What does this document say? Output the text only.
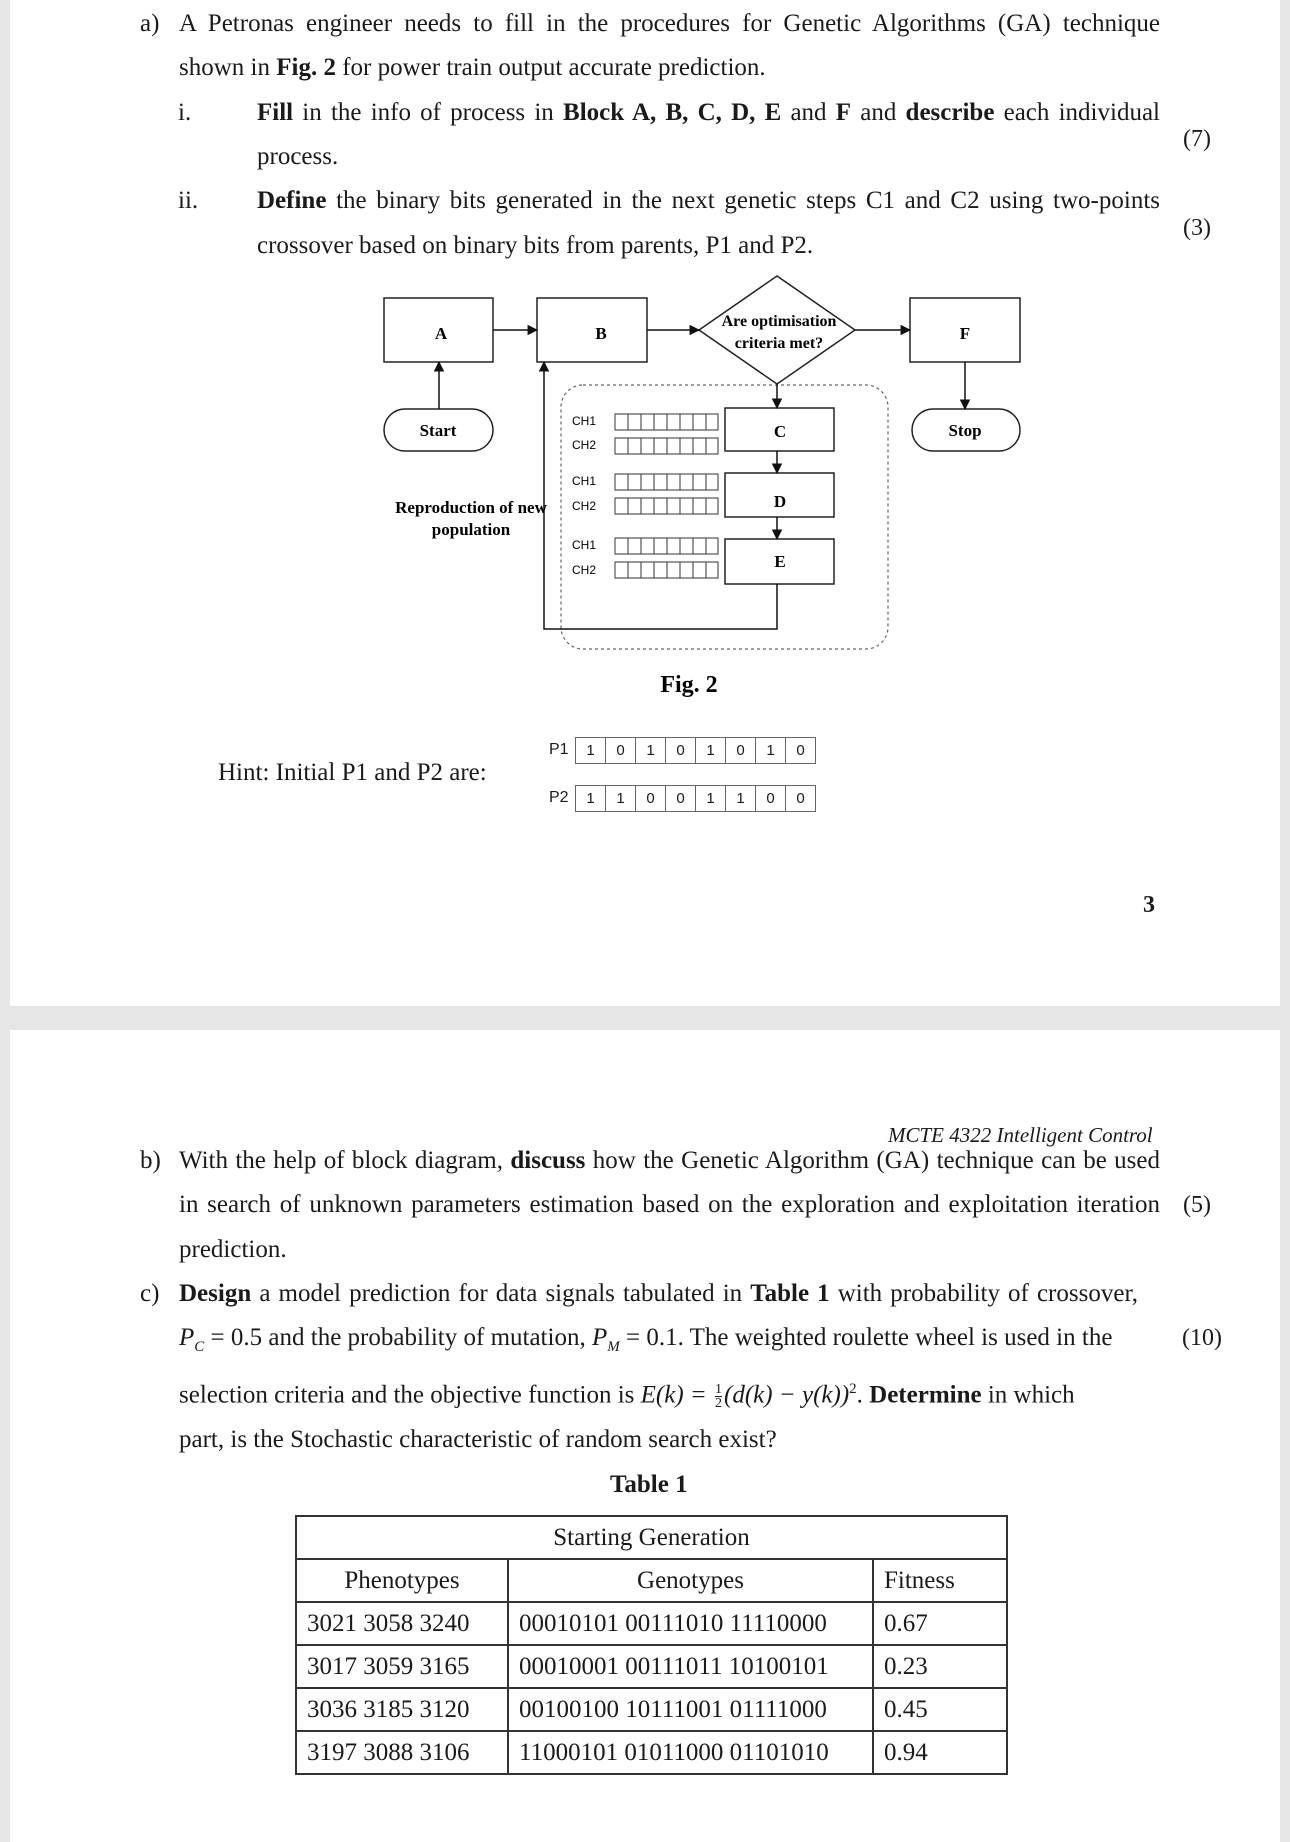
a) A Petronas engineer needs to fill in the procedures for Genetic Algorithms (GA) technique
shown in Fig. 2 for power train output accurate prediction.
i.	Fill in the info of process in Block A, B, C, D, E and F and describe each individual
process.
(7)
ii. Define the binary bits generated in the next genetic steps C1 and C2 using two-points
crossover based on binary bits from parents, P1 and P2.
(3)
A	B
Are optimisation
criteria met?
F
Start	Stop
C
D
E
CH1
CH2
CH1
CH2
CH1
CH2
Reproduction of new
population
Fig. 2
Hint: Initial P1 and P2 are:
P1	1	0	1	0	1	0	1	0
P2	1	1	0	0	1	1	0	0
3
MCTE 4322 Intelligent Control
b) With the help of block diagram, discuss how the Genetic Algorithm (GA) technique can be used
in search of unknown parameters estimation based on the exploration and exploitation iteration
prediction.
(5)
c) Design a model prediction for data signals tabulated in Table 1 with probability of crossover,
$P_C = 0.5$ and the probability of mutation, $P_M = 0.1$. The weighted roulette wheel is used in the	(10)
selection criteria and the objective function is $E(k) = \frac{1}{2} (d(k) - y(k))^2$. Determine in which
part, is the Stochastic characteristic of random search exist?
Table 1
Starting Generation		
Phenotypes	Genotypes	Fitness
3021 3058 3240	00010101 00111010 11110000	0.67
3017 3059 3165	00010001 00111011 10100101	0.23
3036 3185 3120	00100100 10111001 01111000	0.45
3197 3088 3106	11000101 01011000 01101010	0.94
